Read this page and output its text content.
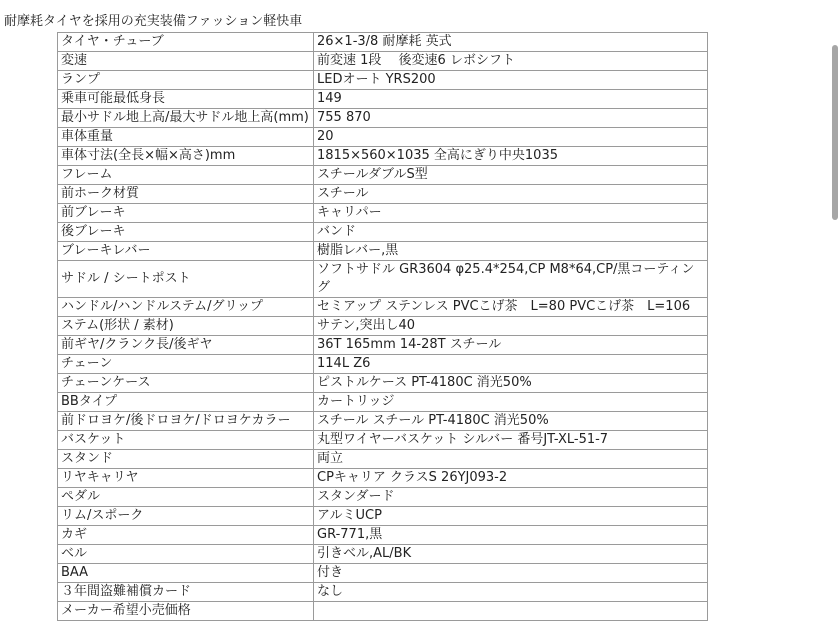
耐摩耗タイヤを採用の充実装備ファッション軽快車
タイヤ・チューブ	26×1-3/8 耐摩耗 英式
変速	前変速 1段　 後変速6 レボシフト
ランプ	LEDオート YRS200
乗車可能最低身長	149
最小サドル地上高/最大サドル地上高(mm)	755 870
車体重量	20
車体寸法(全長×幅×高さ)mm	1815×560×1035 全高にぎり中央1035
フレーム	スチールダブルS型
前ホーク材質	スチール
前ブレーキ	キャリパー
後ブレーキ	バンド
ブレーキレバー	樹脂レバー,黒
サドル / シートポスト	ソフトサドル GR3604 φ25.4*254,CP M8*64,CP/黒コーティング
ハンドル/ハンドルステム/グリップ	セミアップ ステンレス PVCこげ茶　L=80 PVCこげ茶　L=106
ステム(形状 / 素材)	サテン,突出し40
前ギヤ/クランク長/後ギヤ	36T 165mm 14-28T スチール
チェーン	114L Z6
チェーンケース	ピストルケース PT-4180C 消光50%
BBタイプ	カートリッジ
前ドロヨケ/後ドロヨケ/ドロヨケカラー	スチール スチール PT-4180C 消光50%
バスケット	丸型ワイヤーバスケット シルバー 番号JT-XL-51-7
スタンド	両立
リヤキャリヤ	CPキャリア クラスS 26YJ093-2
ペダル	スタンダード
リム/スポーク	アルミUCP
カギ	GR-771,黒
ベル	引きベル,AL/BK
BAA	付き
３年間盗難補償カード	なし
メーカー希望小売価格	
